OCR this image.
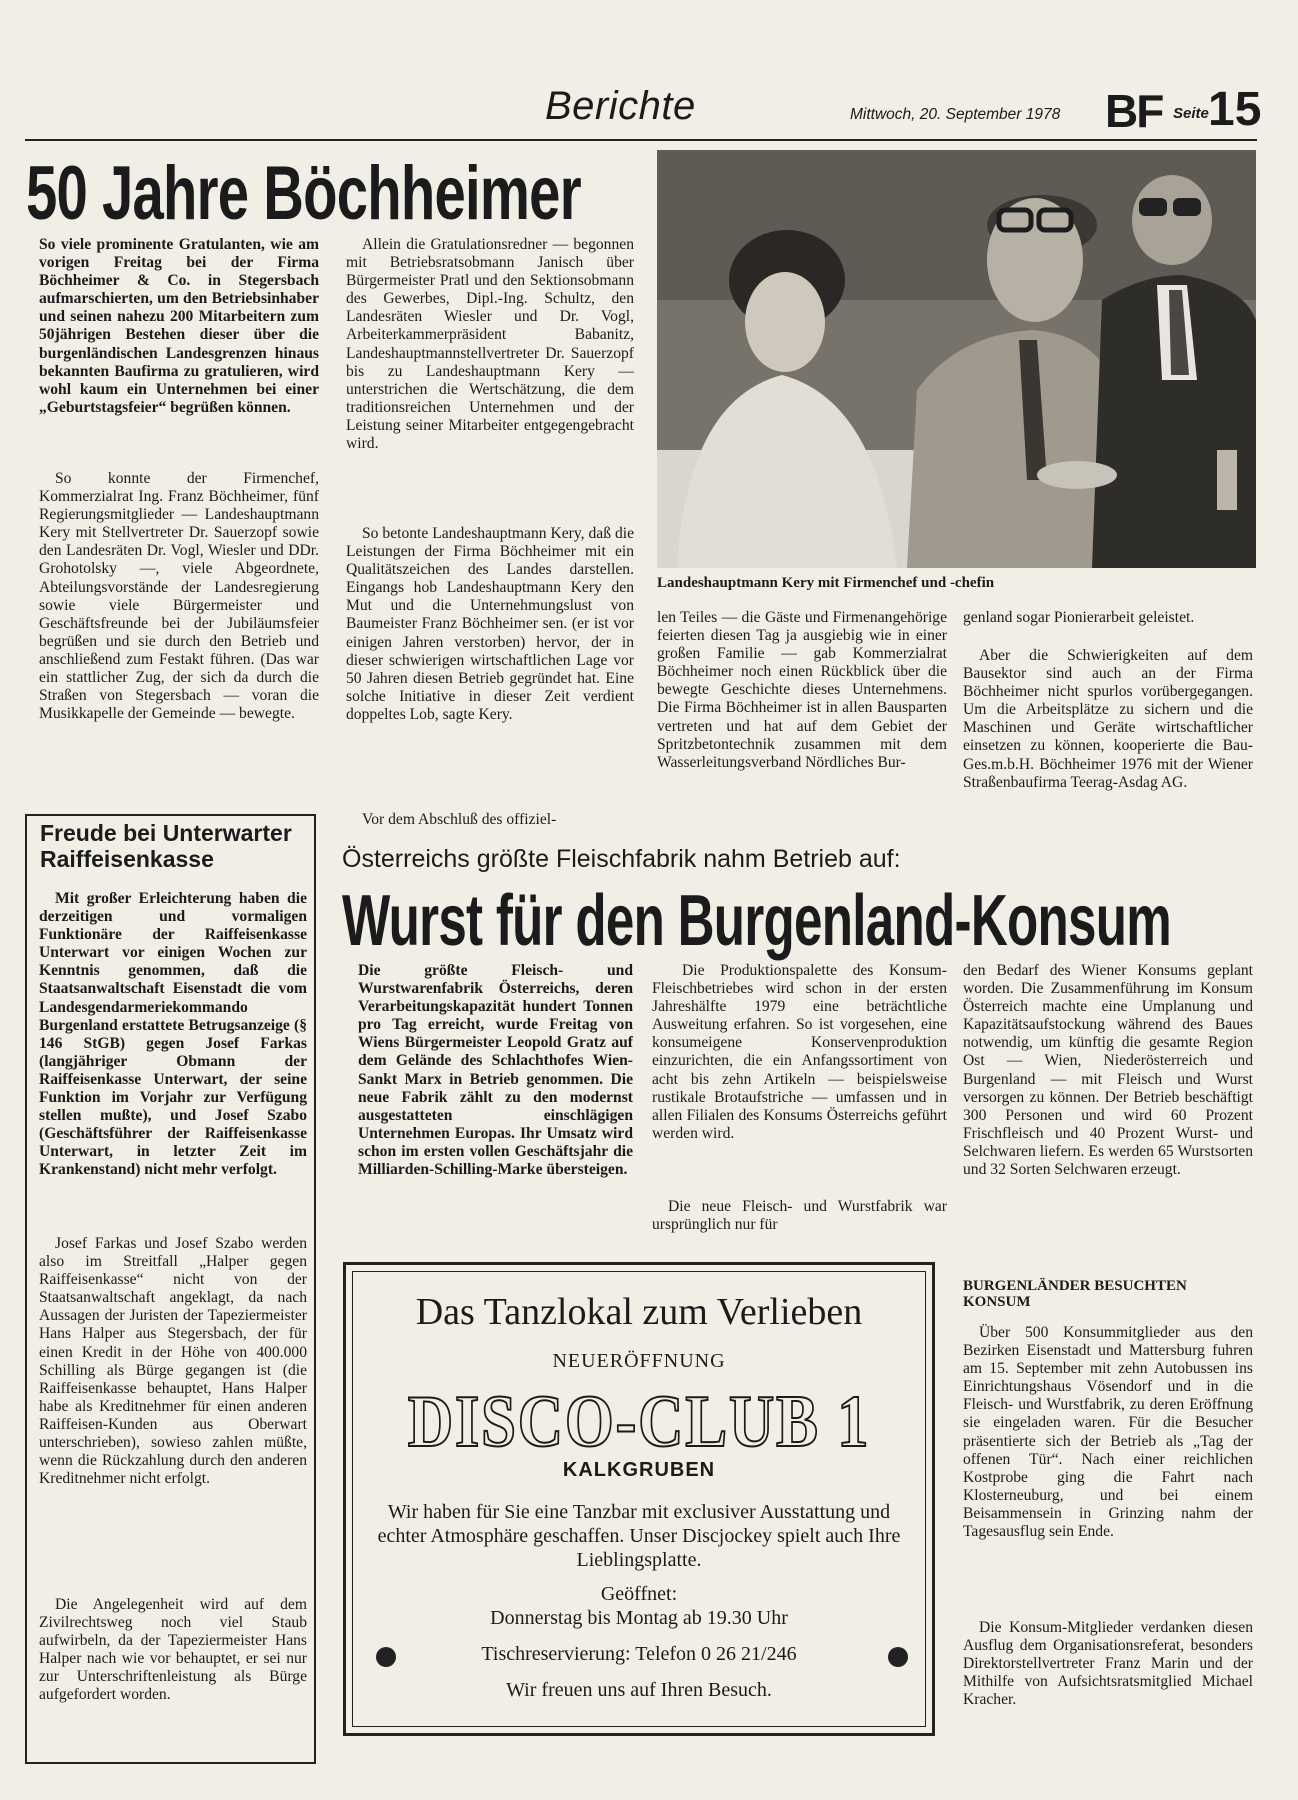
Berichte	Mittwoch, 20. September 1978 BF Seite 15
50 Jahre Böchheimer
So viele prominente Gratulanten, wie am vorigen Freitag bei der Firma Böchheimer & Co. in Stegersbach aufmarschierten, um den Betriebsinhaber und seinen nahezu 200 Mitarbeitern zum 50jährigen Bestehen dieser über die burgenländischen Landesgrenzen hinaus bekannten Baufirma zu gratulieren, wird wohl kaum ein Unternehmen bei einer „Geburtstagsfeier“ begrüßen können.
So konnte der Firmenchef, Kommerzialrat Ing. Franz Böchheimer, fünf Regierungsmitglieder — Landeshauptmann Kery mit Stellvertreter Dr. Sauerzopf sowie den Landesräten Dr. Vogl, Wiesler und DDr. Grohotolsky —, viele Abgeordnete, Abteilungsvorstände der Landesregierung sowie viele Bürgermeister und Geschäftsfreunde bei der Jubiläumsfeier begrüßen und sie durch den Betrieb und anschließend zum Festakt führen. (Das war ein stattlicher Zug, der sich da durch die Straßen von Stegersbach — voran die Musikkapelle der Gemeinde — bewegte.
Allein die Gratulationsredner — begonnen mit Betriebsratsobmann Janisch über Bürgermeister Pratl und den Sektionsobmann des Gewerbes, Dipl.-Ing. Schultz, den Landesräten Wiesler und Dr. Vogl, Arbeiterkammerpräsident Babanitz, Landeshauptmannstellvertreter Dr. Sauerzopf bis zu Landeshauptmann Kery — unterstrichen die Wertschätzung, die dem traditionsreichen Unternehmen und der Leistung seiner Mitarbeiter entgegengebracht wird.
So betonte Landeshauptmann Kery, daß die Leistungen der Firma Böchheimer mit ein Qualitätszeichen des Landes darstellen. Eingangs hob Landeshauptmann Kery den Mut und die Unternehmungslust von Baumeister Franz Böchheimer sen. (er ist vor einigen Jahren verstorben) hervor, der in dieser schwierigen wirtschaftlichen Lage vor 50 Jahren diesen Betrieb gegründet hat. Eine solche Initiative in dieser Zeit verdient doppeltes Lob, sagte Kery.
Vor dem Abschluß des offiziel-
Landeshauptmann Kery mit Firmenchef und -chefin
len Teiles — die Gäste und Firmenangehörige feierten diesen Tag ja ausgiebig wie in einer großen Familie — gab Kommerzialrat Böchheimer noch einen Rückblick über die bewegte Geschichte dieses Unternehmens. Die Firma Böchheimer ist in allen Bausparten vertreten und hat auf dem Gebiet der Spritzbetontechnik zusammen mit dem Wasserleitungsverband Nördliches Bur-
genland sogar Pionierarbeit geleistet.
Aber die Schwierigkeiten auf dem Bausektor sind auch an der Firma Böchheimer nicht spurlos vorübergegangen. Um die Arbeitsplätze zu sichern und die Maschinen und Geräte wirtschaftlicher einsetzen zu können, kooperierte die Bau-Ges.m.b.H. Böchheimer 1976 mit der Wiener Straßenbaufirma Teerag-Asdag AG.
Freude bei Unterwarter Raiffeisenkasse
Mit großer Erleichterung haben die derzeitigen und vormaligen Funktionäre der Raiffeisenkasse Unterwart vor einigen Wochen zur Kenntnis genommen, daß die Staatsanwaltschaft Eisenstadt die vom Landesgendarmeriekommando Burgenland erstattete Betrugsanzeige (§ 146 StGB) gegen Josef Farkas (langjähriger Obmann der Raiffeisenkasse Unterwart, der seine Funktion im Vorjahr zur Verfügung stellen mußte), und Josef Szabo (Geschäftsführer der Raiffeisenkasse Unterwart, in letzter Zeit im Krankenstand) nicht mehr verfolgt.
Josef Farkas und Josef Szabo werden also im Streitfall „Halper gegen Raiffeisenkasse“ nicht von der Staatsanwaltschaft angeklagt, da nach Aussagen der Juristen der Tapeziermeister Hans Halper aus Stegersbach, der für einen Kredit in der Höhe von 400.000 Schilling als Bürge gegangen ist (die Raiffeisenkasse behauptet, Hans Halper habe als Kreditnehmer für einen anderen Raiffeisen-Kunden aus Oberwart unterschrieben), sowieso zahlen müßte, wenn die Rückzahlung durch den anderen Kreditnehmer nicht erfolgt.
Die Angelegenheit wird auf dem Zivilrechtsweg noch viel Staub aufwirbeln, da der Tapeziermeister Hans Halper nach wie vor behauptet, er sei nur zur Unterschriftenleistung als Bürge aufgefordert worden.
Österreichs größte Fleischfabrik nahm Betrieb auf:
Wurst für den Burgenland-Konsum
Die größte Fleisch- und Wurstwarenfabrik Österreichs, deren Verarbeitungskapazität hundert Tonnen pro Tag erreicht, wurde Freitag von Wiens Bürgermeister Leopold Gratz auf dem Gelände des Schlachthofes Wien-Sankt Marx in Betrieb genommen. Die neue Fabrik zählt zu den modernst ausgestatteten einschlägigen Unternehmen Europas. Ihr Umsatz wird schon im ersten vollen Geschäftsjahr die Milliarden-Schilling-Marke übersteigen.
Die Produktionspalette des Konsum-Fleischbetriebes wird schon in der ersten Jahreshälfte 1979 eine beträchtliche Ausweitung erfahren. So ist vorgesehen, eine konsumeigene Konservenproduktion einzurichten, die ein Anfangssortiment von acht bis zehn Artikeln — beispielsweise rustikale Brotaufstriche — umfassen und in allen Filialen des Konsums Österreichs geführt werden wird.
Die neue Fleisch- und Wurstfabrik war ursprünglich nur für
den Bedarf des Wiener Konsums geplant worden. Die Zusammenführung im Konsum Österreich machte eine Umplanung und Kapazitätsaufstockung während des Baues notwendig, um künftig die gesamte Region Ost — Wien, Niederösterreich und Burgenland — mit Fleisch und Wurst versorgen zu können. Der Betrieb beschäftigt 300 Personen und wird 60 Prozent Frischfleisch und 40 Prozent Wurst- und Selchwaren liefern. Es werden 65 Wurstsorten und 32 Sorten Selchwaren erzeugt.
BURGENLÄNDER BESUCHTEN KONSUM
Über 500 Konsummitglieder aus den Bezirken Eisenstadt und Mattersburg fuhren am 15. September mit zehn Autobussen ins Einrichtungshaus Vösendorf und in die Fleisch- und Wurstfabrik, zu deren Eröffnung sie eingeladen waren. Für die Besucher präsentierte sich der Betrieb als „Tag der offenen Tür“. Nach einer reichlichen Kostprobe ging die Fahrt nach Klosterneuburg, und bei einem Beisammensein in Grinzing nahm der Tagesausflug sein Ende.
Die Konsum-Mitglieder verdanken diesen Ausflug dem Organisationsreferat, besonders Direktorstellvertreter Franz Marin und der Mithilfe von Aufsichtsratsmitglied Michael Kracher.
Das Tanzlokal zum Verlieben
NEUERÖFFNUNG
DISCO-CLUB 1
KALKGRUBEN
Wir haben für Sie eine Tanzbar mit exclusiver Ausstattung und echter Atmosphäre geschaffen. Unser Discjockey spielt auch Ihre Lieblingsplatte.
Geöffnet:
Donnerstag bis Montag ab 19.30 Uhr
Tischreservierung: Telefon 0 26 21/246
Wir freuen uns auf Ihren Besuch.
